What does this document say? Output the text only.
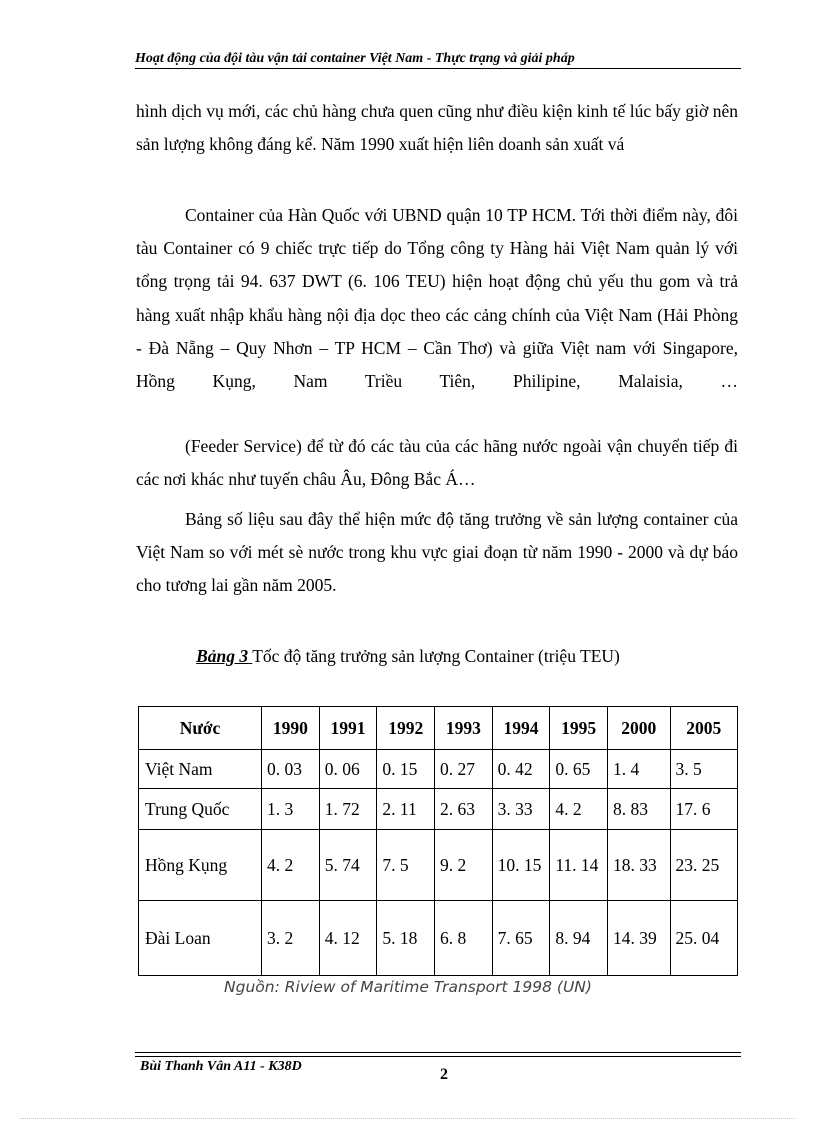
Hoạt động của đội tàu vận tải container Việt Nam - Thực trạng và giải pháp

hình dịch vụ mới, các chủ hàng chưa quen cũng như điều kiện kinh tế lúc bấy giờ nên sản lượng không đáng kể. Năm 1990 xuất hiện liên doanh sản xuất vá

Container của Hàn Quốc với UBND quận 10 TP HCM. Tới thời điểm này, đôi tàu Container có 9 chiếc trực tiếp do Tổng công ty Hàng hải Việt Nam quản lý với tổng trọng tải 94. 637 DWT (6. 106 TEU) hiện hoạt động chủ yếu thu gom và trả hàng xuất nhập khẩu hàng nội địa dọc theo các cảng chính của Việt Nam (Hải Phòng - Đà Nẵng – Quy Nhơn – TP HCM – Cần Thơ) và giữa Việt nam với Singapore, Hồng Kụng, Nam Triều Tiên, Philipine, Malaisia, …

(Feeder Service) để từ đó các tàu của các hãng nước ngoài vận chuyển tiếp đi các nơi khác như tuyến châu Âu, Đông Bắc Á…

Bảng số liệu sau đây thể hiện mức độ tăng trưởng về sản lượng container của Việt Nam so với mét sè nước trong khu vực giai đoạn từ năm 1990 - 2000 và dự báo cho tương lai gần năm 2005.

Bảng 3 Tốc độ tăng trưởng sản lượng Container (triệu TEU)
Nước	1990	1991	1992	1993	1994	1995	2000	2005
Việt Nam	0. 03	0. 06	0. 15	0. 27	0. 42	0. 65	1. 4	3. 5
Trung Quốc	1. 3	1. 72	2. 11	2. 63	3. 33	4. 2	8. 83	17. 6
Hồng Kụng	4. 2	5. 74	7. 5	9. 2	10. 15	11. 14	18. 33	23. 25
Đài Loan	3. 2	4. 12	5. 18	6. 8	7. 65	8. 94	14. 39	25. 04
Nguồn: Riview of Maritime Transport 1998 (UN)
Bùi Thanh Vân A11 - K38D	2
